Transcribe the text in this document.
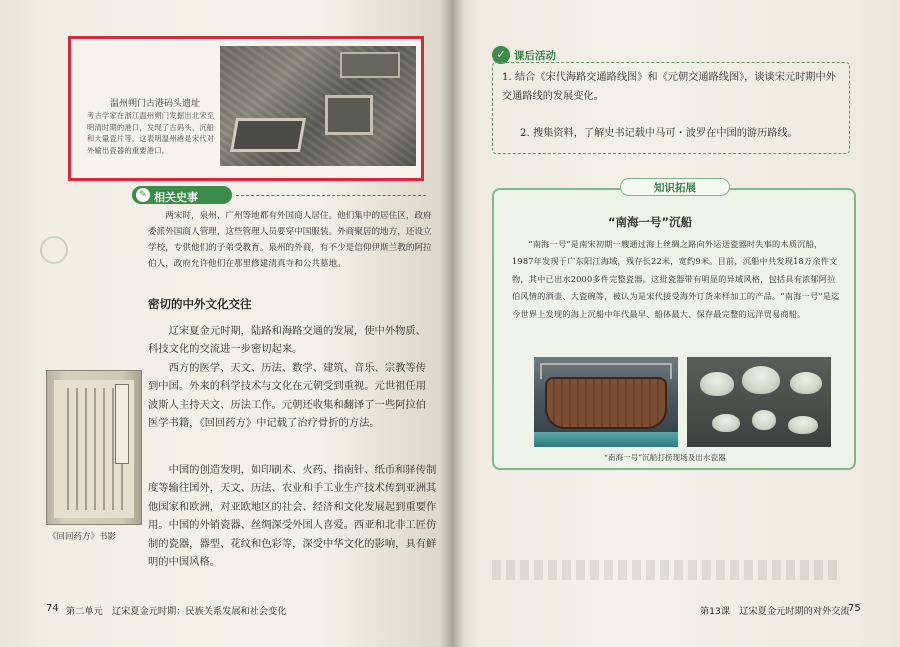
温州朔门古港码头遗址
考古学家在浙江温州朔门发掘出北宋至明清时期的港口，发现了古码头、沉船和大量瓷片等，这表明温州港是宋代对外输出瓷器的重要港口。
✎ 相关史事

两宋时，泉州、广州等地都有外国商人居住。他们集中的居住区，政府委派外国商人管理，这些管理人员要穿中国服装。外商聚居的地方，还设立学校，专供他们的子弟受教育。泉州的外商，有不少是信仰伊斯兰教的阿拉伯人，政府允许他们在那里修建清真寺和公共墓地。

密切的中外文化交往

辽宋夏金元时期，陆路和海路交通的发展，使中外物质、科技文化的交流进一步密切起来。

西方的医学、天文、历法、数学、建筑、音乐、宗教等传到中国。外来的科学技术与文化在元朝受到重视。元世祖任用波斯人主持天文、历法工作。元朝还收集和翻译了一些阿拉伯医学书籍，《回回药方》中记载了治疗骨折的方法。

中国的创造发明，如印刷术、火药、指南针、纸币和驿传制度等输往国外，天文、历法、农业和手工业生产技术传到亚洲其他国家和欧洲，对亚欧地区的社会、经济和文化发展起到重要作用。中国的外销瓷器、丝绸深受外国人喜爱。西亚和北非工匠仿制的瓷器，器型、花纹和色彩等，深受中华文化的影响，具有鲜明的中国风格。

《回回药方》书影
74 第二单元　辽宋夏金元时期：民族关系发展和社会变化
✓ 课后活动
1. 结合《宋代海路交通路线图》和《元朝交通路线图》，谈谈宋元时期中外交通路线的发展变化。
2. 搜集资料，了解史书记载中马可・波罗在中国的游历路线。
知识拓展
“南海一号”沉船

“南海一号”是南宋初期一艘通过海上丝绸之路向外运送瓷器时失事的木质沉船，1987年发现于广东阳江海域，残存长22米，宽约9米。目前，沉船中共发现18万余件文物，其中已出水2000多件完整瓷器。这批瓷器带有明显的异域风格，包括具有浓郁阿拉伯风情的酒壶、大瓷碗等，被认为是宋代接受海外订货来样加工的产品。“南海一号”是迄今世界上发现的海上沉船中年代最早、船体最大、保存最完整的远洋贸易商船。

“南海一号”沉船打捞现场及出水瓷器
第13课　辽宋夏金元时期的对外交流
75
